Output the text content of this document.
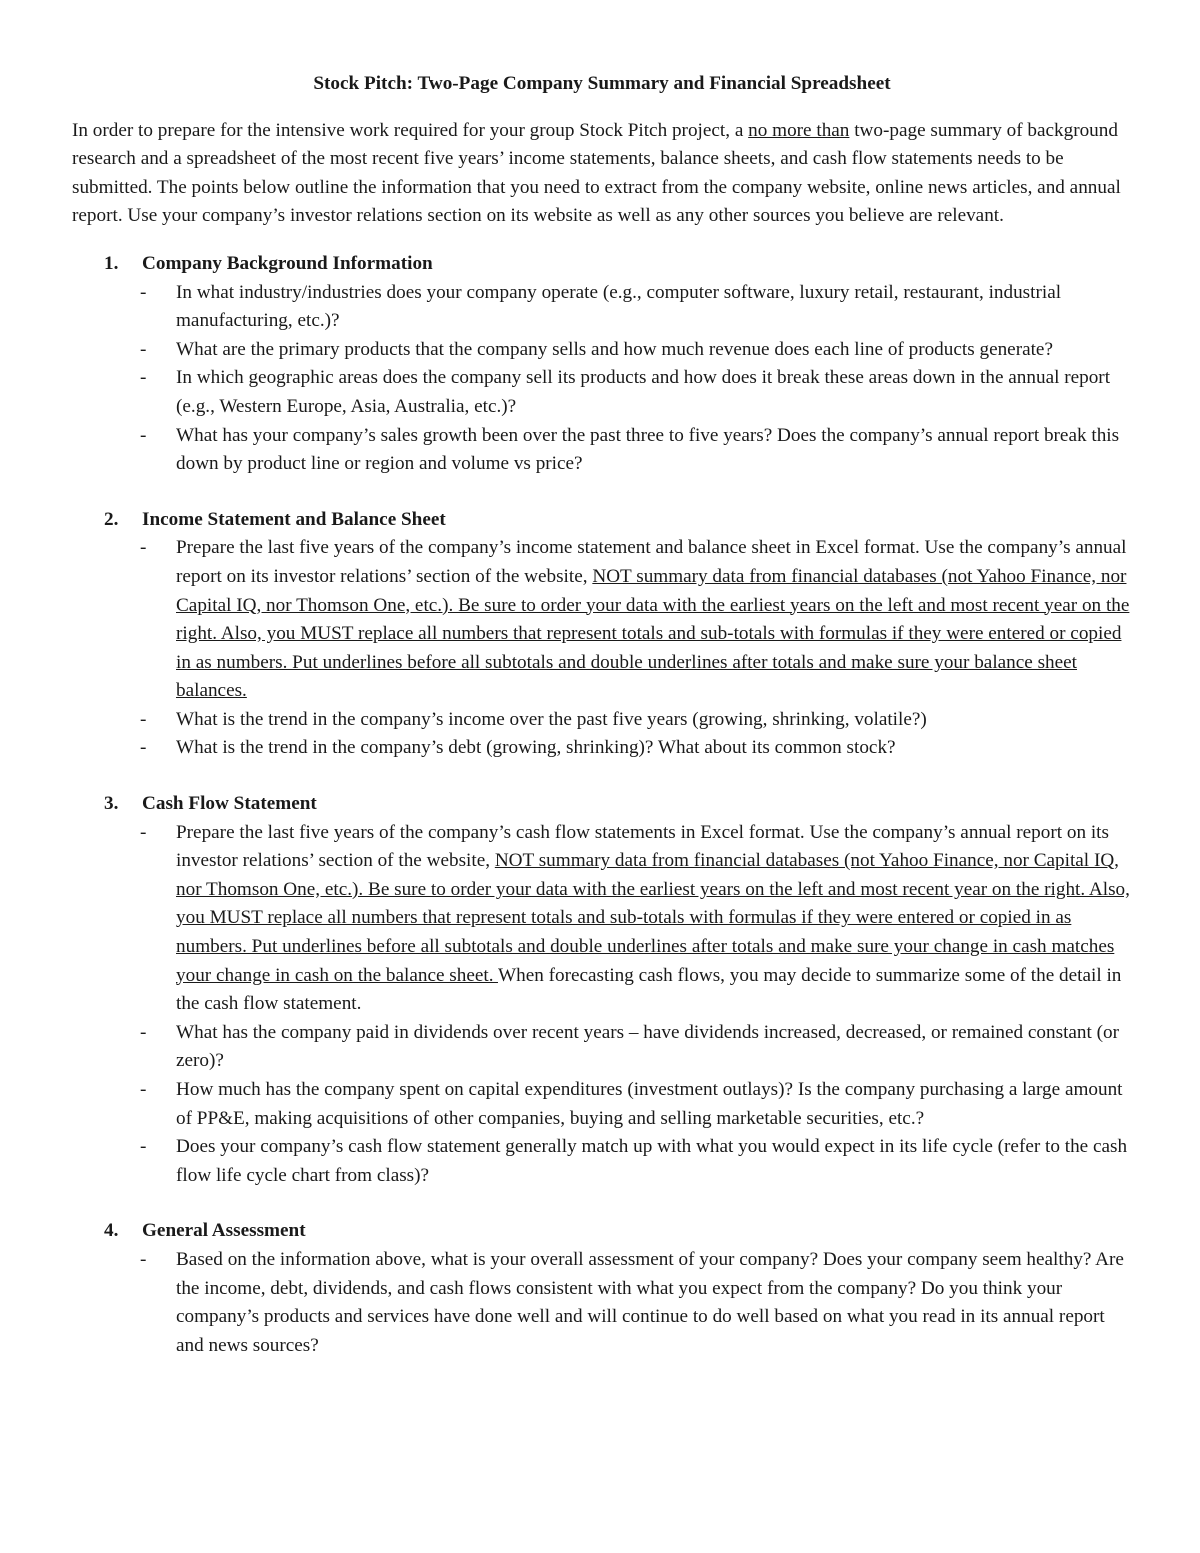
Stock Pitch: Two-Page Company Summary and Financial Spreadsheet
In order to prepare for the intensive work required for your group Stock Pitch project, a no more than two-page summary of background research and a spreadsheet of the most recent five years’ income statements, balance sheets, and cash flow statements needs to be submitted. The points below outline the information that you need to extract from the company website, online news articles, and annual report. Use your company’s investor relations section on its website as well as any other sources you believe are relevant.
1.	Company Background Information
-	In what industry/industries does your company operate (e.g., computer software, luxury retail, restaurant, industrial manufacturing, etc.)?
-	What are the primary products that the company sells and how much revenue does each line of products generate?
-	In which geographic areas does the company sell its products and how does it break these areas down in the annual report (e.g., Western Europe, Asia, Australia, etc.)?
-	What has your company’s sales growth been over the past three to five years? Does the company’s annual report break this down by product line or region and volume vs price?
2.	Income Statement and Balance Sheet
-	Prepare the last five years of the company’s income statement and balance sheet in Excel format. Use the company’s annual report on its investor relations’ section of the website, NOT summary data from financial databases (not Yahoo Finance, nor Capital IQ, nor Thomson One, etc.). Be sure to order your data with the earliest years on the left and most recent year on the right. Also, you MUST replace all numbers that represent totals and sub-totals with formulas if they were entered or copied in as numbers. Put underlines before all subtotals and double underlines after totals and make sure your balance sheet balances.
-	What is the trend in the company’s income over the past five years (growing, shrinking, volatile?)
-	What is the trend in the company’s debt (growing, shrinking)? What about its common stock?
3.	Cash Flow Statement
-	Prepare the last five years of the company’s cash flow statements in Excel format. Use the company’s annual report on its investor relations’ section of the website, NOT summary data from financial databases (not Yahoo Finance, nor Capital IQ, nor Thomson One, etc.). Be sure to order your data with the earliest years on the left and most recent year on the right. Also, you MUST replace all numbers that represent totals and sub-totals with formulas if they were entered or copied in as numbers. Put underlines before all subtotals and double underlines after totals and make sure your change in cash matches your change in cash on the balance sheet. When forecasting cash flows, you may decide to summarize some of the detail in the cash flow statement.
-	What has the company paid in dividends over recent years – have dividends increased, decreased, or remained constant (or zero)?
-	How much has the company spent on capital expenditures (investment outlays)? Is the company purchasing a large amount of PP&E, making acquisitions of other companies, buying and selling marketable securities, etc.?
-	Does your company’s cash flow statement generally match up with what you would expect in its life cycle (refer to the cash flow life cycle chart from class)?
4.	General Assessment
-	Based on the information above, what is your overall assessment of your company? Does your company seem healthy? Are the income, debt, dividends, and cash flows consistent with what you expect from the company? Do you think your company’s products and services have done well and will continue to do well based on what you read in its annual report and news sources?
